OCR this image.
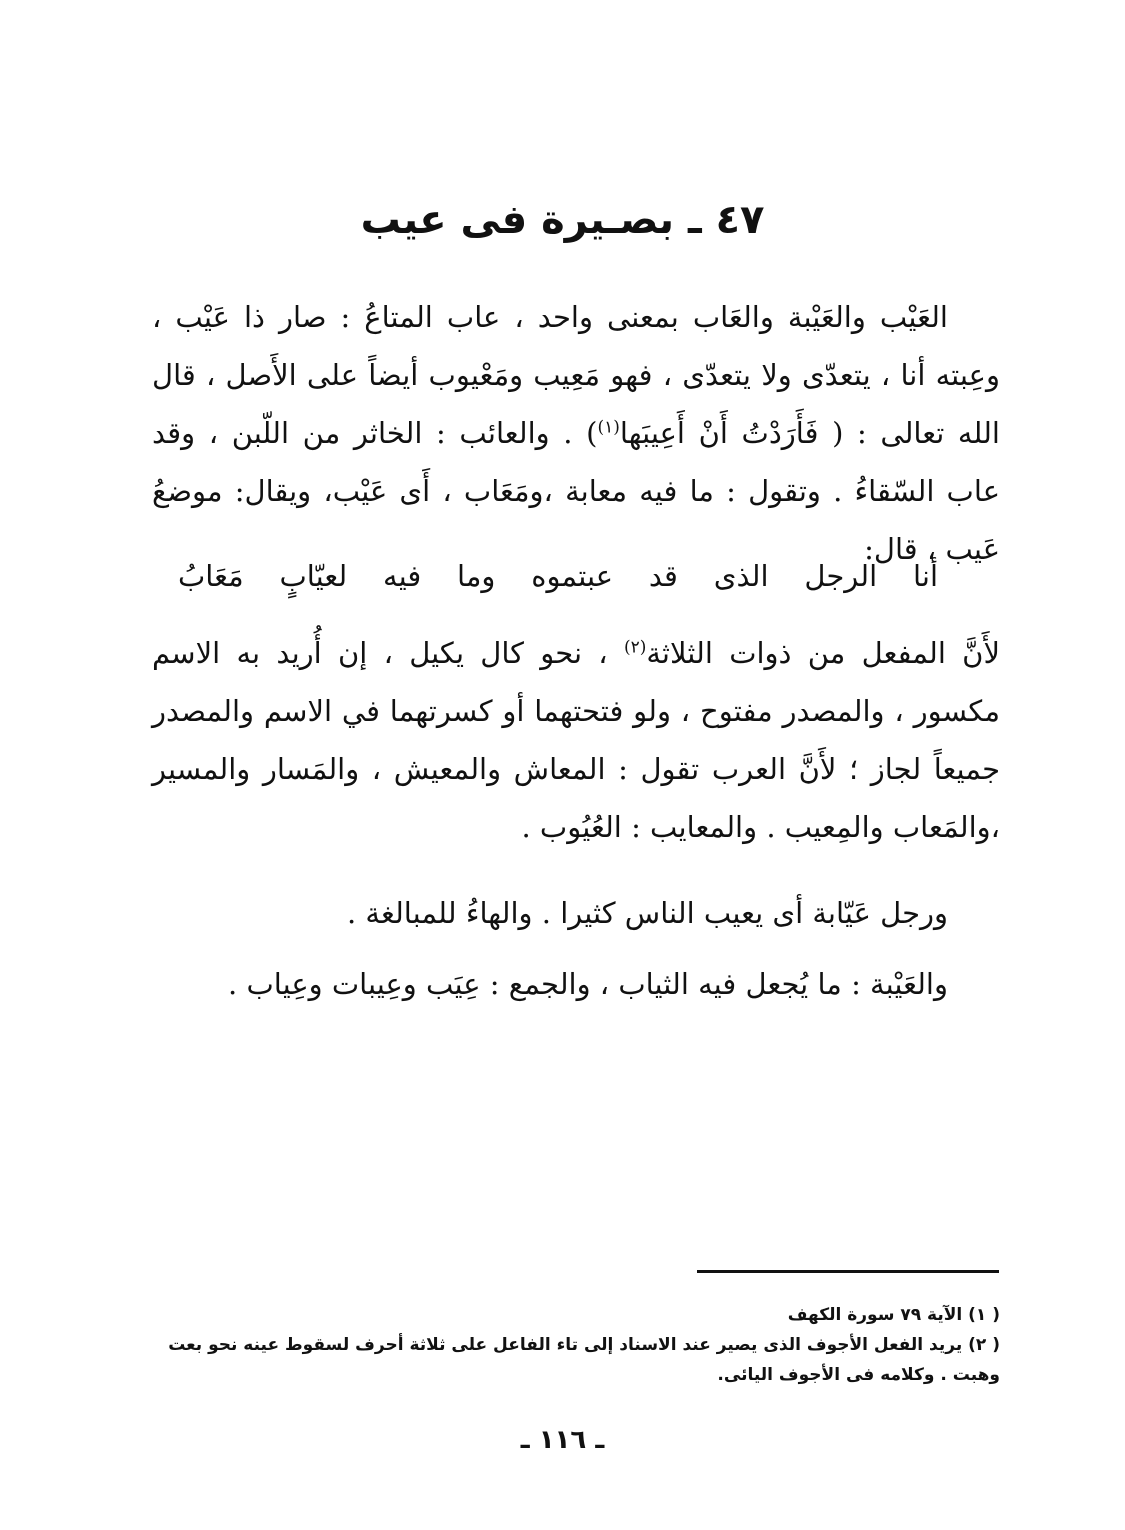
٤٧ ـ بصـيرة فى عيب

العَيْب والعَيْبة والعَاب بمعنى واحد ، عاب المتاعُ : صار ذا عَيْب ، وعِبته أنا ، يتعدّى ولا يتعدّى ، فهو مَعِيب ومَعْيوب أيضاً على الأَصل ، قال الله تعالى : ( فَأَرَدْتُ أَنْ أَعِيبَها$^{(١)}$) . والعائب : الخاثر من اللّبن ، وقد عاب السّقاءُ . وتقول : ما فيه معابة ،ومَعَاب ، أَى عَيْب، ويقال: موضعُ عَيب ، قال:

أنا
الرجل
الذى
قد
عبتموه
وما
فيه
لعيّابٍ
مَعَابُ

لأَنَّ المفعل من ذوات الثلاثة$^{(٢)}$ ، نحو كال يكيل ، إن أُريد به الاسم مكسور ، والمصدر مفتوح ، ولو فتحتهما أو كسرتهما في الاسم والمصدر جميعاً لجاز ؛ لأَنَّ العرب تقول : المعاش والمعيش ، والمَسار والمسير ،والمَعاب والمِعيب . والمعايب : العُيُوب .

ورجل عَيّابة أى يعيب الناس كثيرا . والهاءُ للمبالغة .

والعَيْبة : ما يُجعل فيه الثياب ، والجمع : عِيَب وعِيبات وعِياب .

( ١) الآية ٧٩ سورة الكهف

( ٢) يريد الفعل الأجوف الذى يصير عند الاسناد إلى تاء الفاعل على ثلاثة أحرف لسقوط عينه نحو بعت وهبت . وكلامه فى الأجوف اليائى.

ـ ١١٦ ـ
